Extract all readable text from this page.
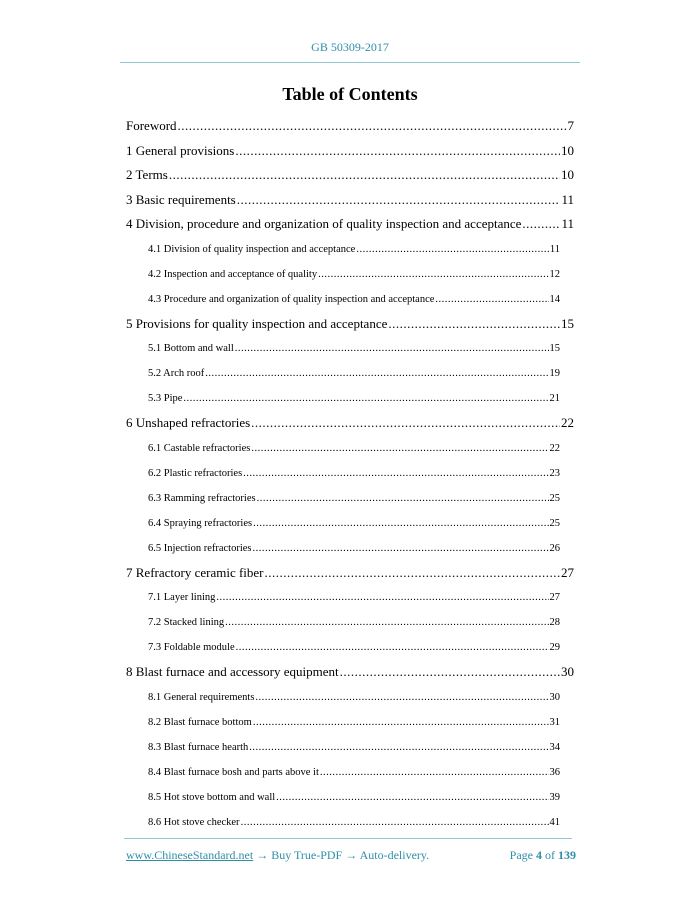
GB 50309-2017
Table of Contents
Foreword .....	7
1 General provisions .....	10
2 Terms .....	10
3 Basic requirements .....	11
4 Division, procedure and organization of quality inspection and acceptance .....	11
4.1 Division of quality inspection and acceptance .....	11
4.2 Inspection and acceptance of quality .....	12
4.3 Procedure and organization of quality inspection and acceptance .....	14
5 Provisions for quality inspection and acceptance .....	15
5.1 Bottom and wall .....	15
5.2 Arch roof .....	19
5.3 Pipe .....	21
6 Unshaped refractories .....	22
6.1 Castable refractories .....	22
6.2 Plastic refractories .....	23
6.3 Ramming refractories .....	25
6.4 Spraying refractories .....	25
6.5 Injection refractories .....	26
7 Refractory ceramic fiber .....	27
7.1 Layer lining .....	27
7.2 Stacked lining .....	28
7.3 Foldable module .....	29
8 Blast furnace and accessory equipment .....	30
8.1 General requirements .....	30
8.2 Blast furnace bottom .....	31
8.3 Blast furnace hearth .....	34
8.4 Blast furnace bosh and parts above it .....	36
8.5 Hot stove bottom and wall .....	39
8.6 Hot stove checker .....	41
www.ChineseStandard.net → Buy True-PDF → Auto-delivery.	Page 4 of 139
